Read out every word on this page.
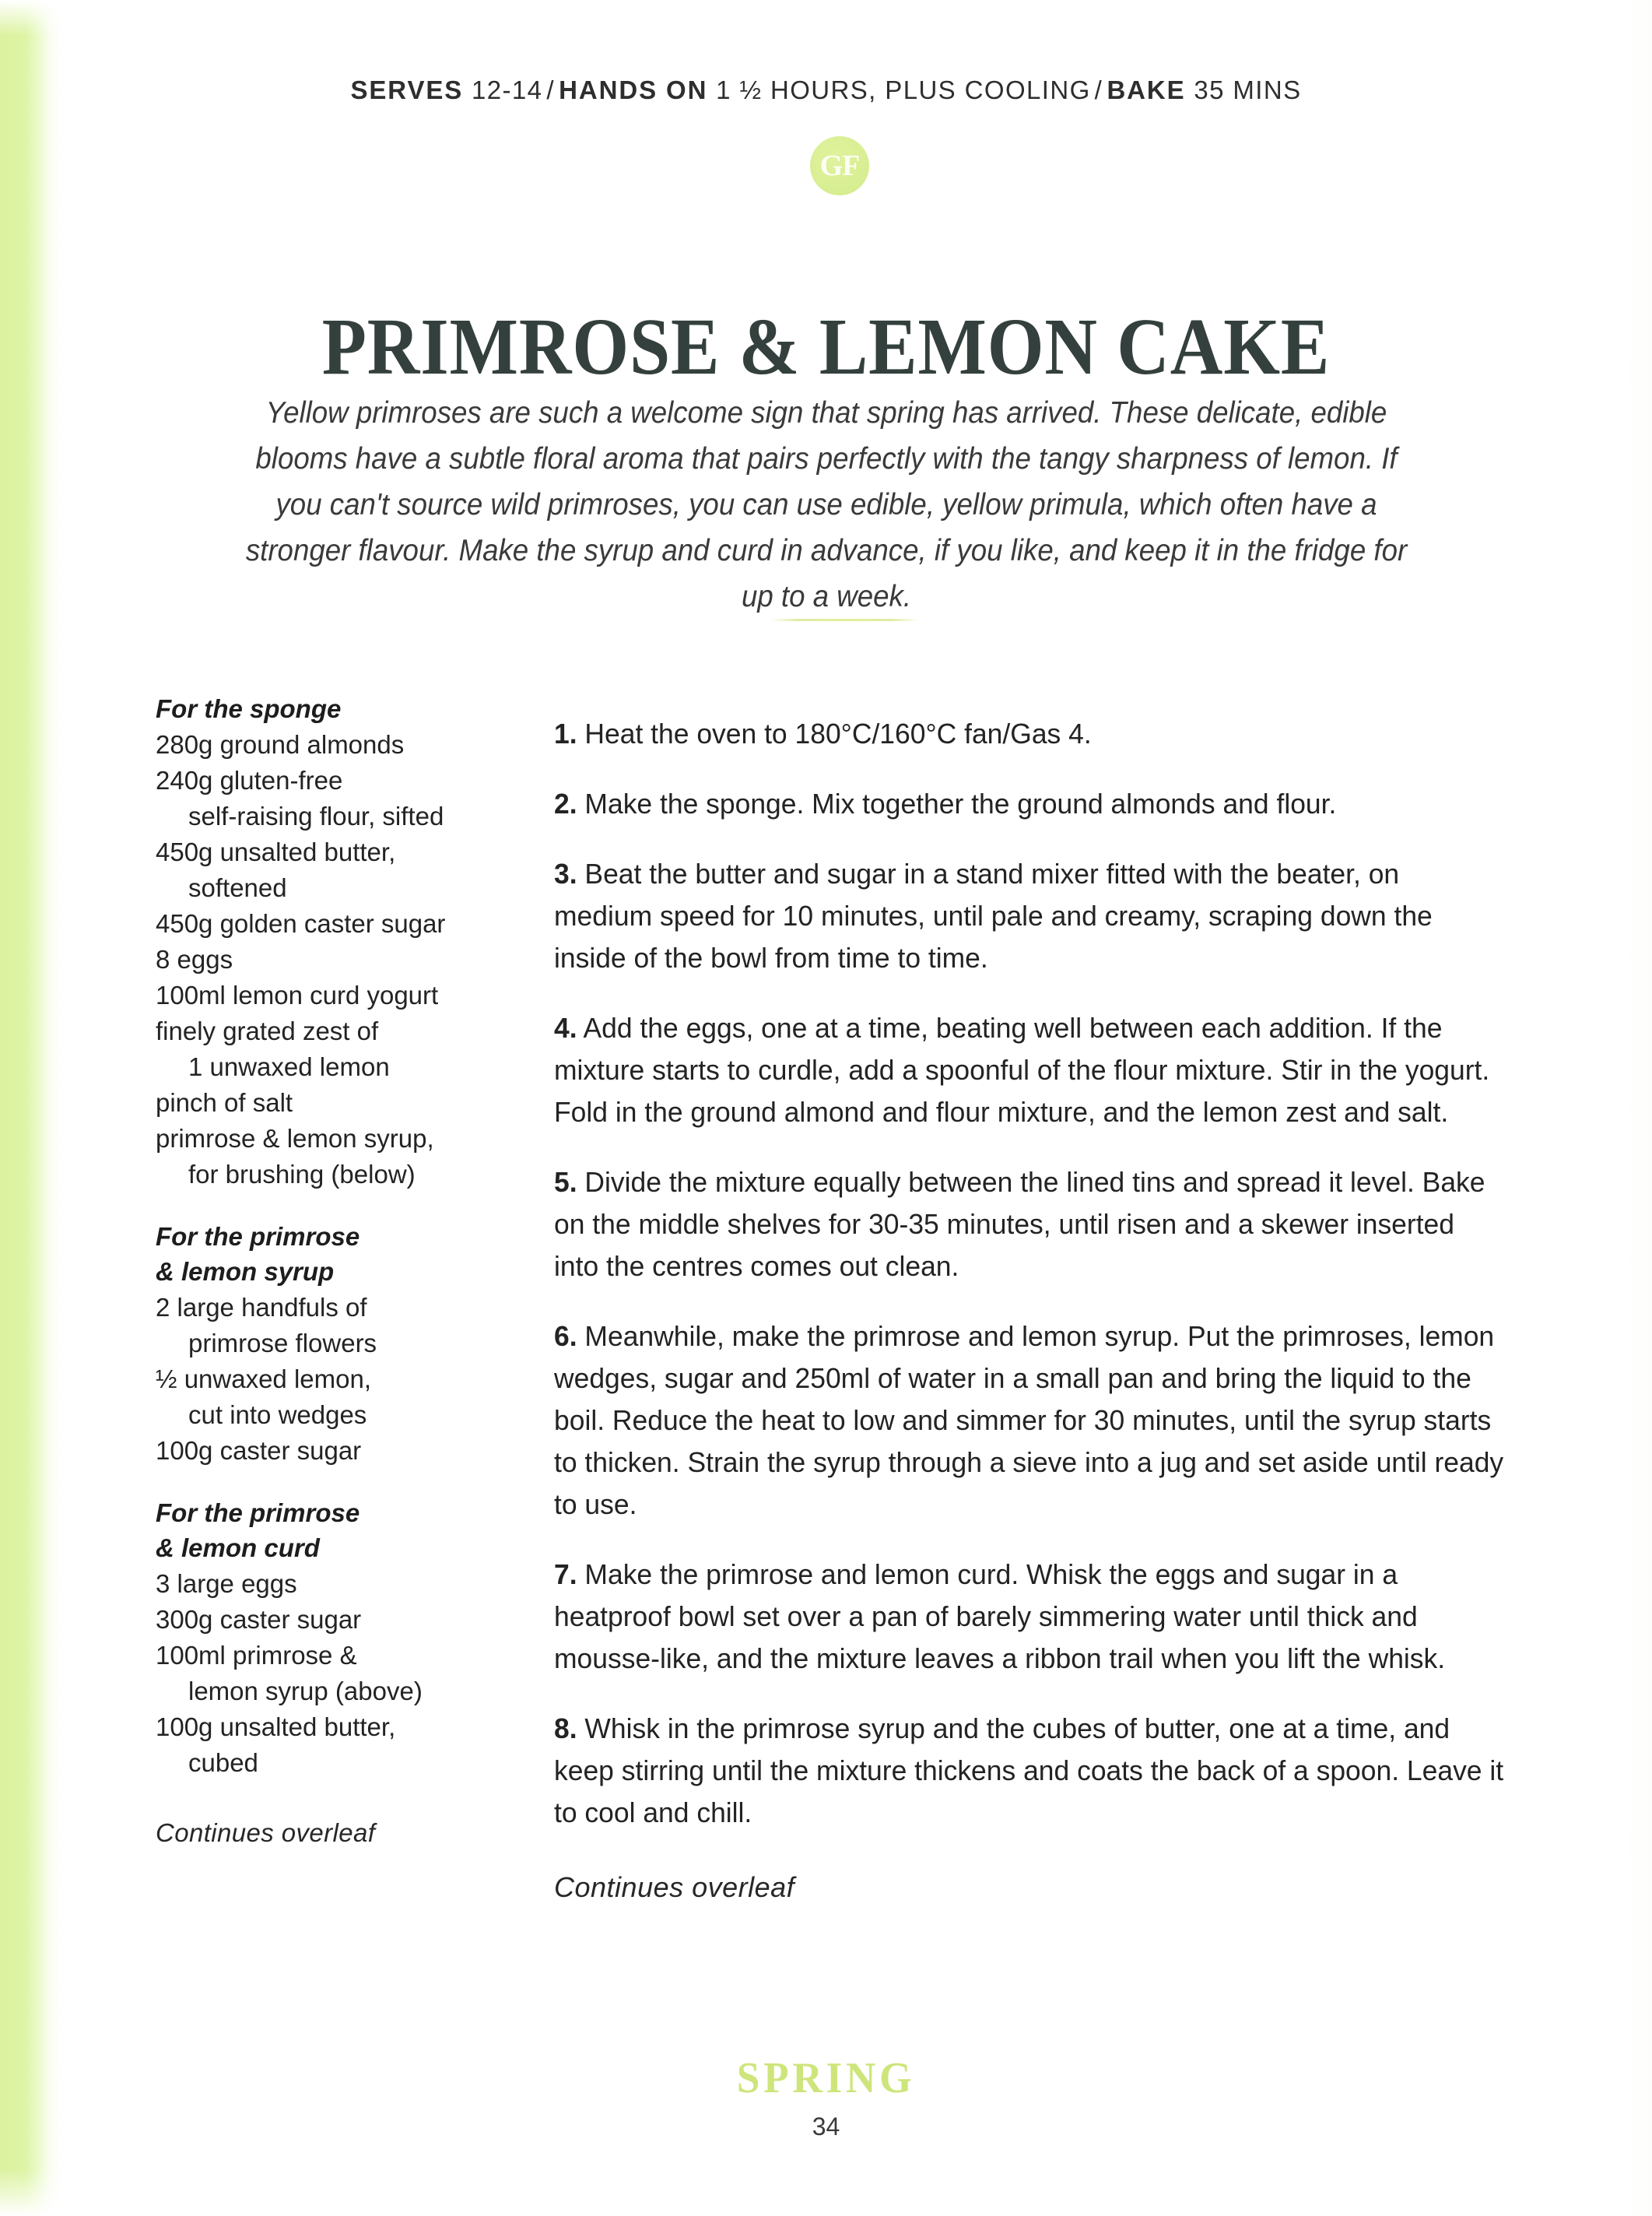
SERVES 12-14 / HANDS ON 1 ½ HOURS, PLUS COOLING / BAKE 35 MINS
GF
PRIMROSE & LEMON CAKE

Yellow primroses are such a welcome sign that spring has arrived. These delicate, edible blooms have a subtle floral aroma that pairs perfectly with the tangy sharpness of lemon. If you can't source wild primroses, you can use edible, yellow primula, which often have a stronger flavour. Make the syrup and curd in advance, if you like, and keep it in the fridge for up to a week.

For the sponge
280g ground almonds
240g gluten-free
self-raising flour, sifted
450g unsalted butter,
softened
450g golden caster sugar
8 eggs
100ml lemon curd yogurt
finely grated zest of
1 unwaxed lemon
pinch of salt
primrose & lemon syrup,
for brushing (below)
For the primrose
& lemon syrup
2 large handfuls of
primrose flowers
½ unwaxed lemon,
cut into wedges
100g caster sugar
For the primrose
& lemon curd
3 large eggs
300g caster sugar
100ml primrose &
lemon syrup (above)
100g unsalted butter,
cubed
Continues overleaf

1. Heat the oven to 180°C/160°C fan/Gas 4.

2. Make the sponge. Mix together the ground almonds and flour.

3. Beat the butter and sugar in a stand mixer fitted with the beater, on medium speed for 10 minutes, until pale and creamy, scraping down the inside of the bowl from time to time.

4. Add the eggs, one at a time, beating well between each addition. If the mixture starts to curdle, add a spoonful of the flour mixture. Stir in the yogurt. Fold in the ground almond and flour mixture, and the lemon zest and salt.

5. Divide the mixture equally between the lined tins and spread it level. Bake on the middle shelves for 30-35 minutes, until risen and a skewer inserted into the centres comes out clean.

6. Meanwhile, make the primrose and lemon syrup. Put the primroses, lemon wedges, sugar and 250ml of water in a small pan and bring the liquid to the boil. Reduce the heat to low and simmer for 30 minutes, until the syrup starts to thicken. Strain the syrup through a sieve into a jug and set aside until ready to use.

7. Make the primrose and lemon curd. Whisk the eggs and sugar in a heatproof bowl set over a pan of barely simmering water until thick and mousse-like, and the mixture leaves a ribbon trail when you lift the whisk.

8. Whisk in the primrose syrup and the cubes of butter, one at a time, and keep stirring until the mixture thickens and coats the back of a spoon. Leave it to cool and chill.

Continues overleaf
SPRING
34
